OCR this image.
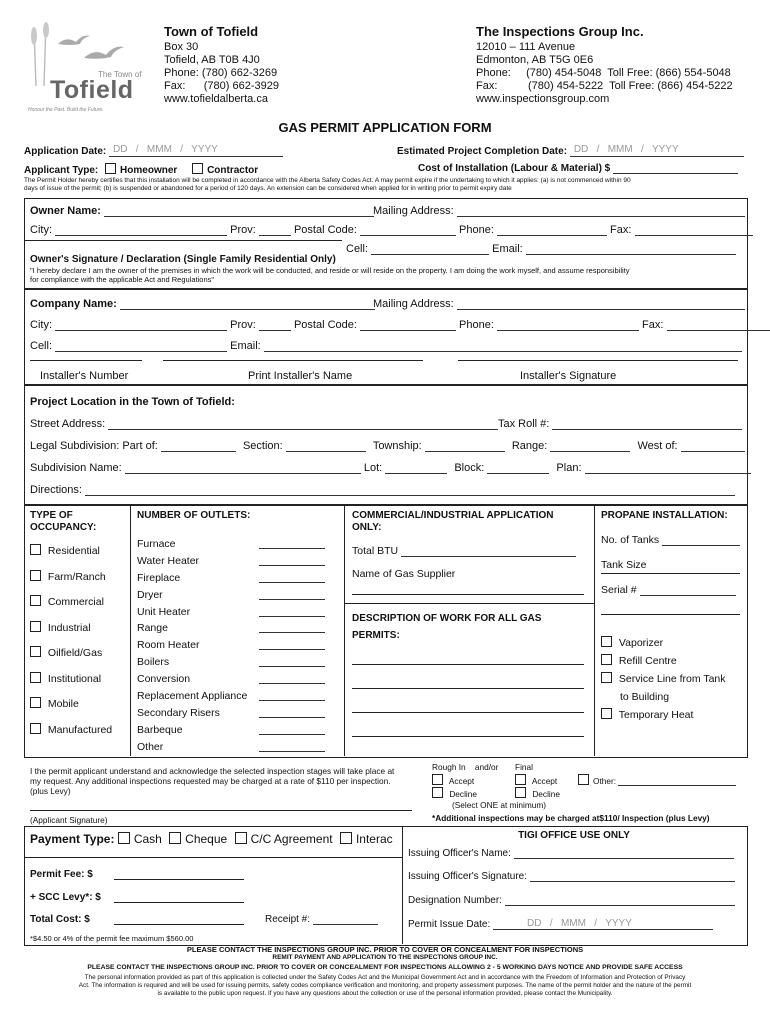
The Town of
Tofield
Honour the Past. Build the Future.
Town of Tofield
Box 30
Tofield, AB T0B 4J0
Phone: (780) 662-3269
Fax:      (780) 662-3929
www.tofieldalberta.ca
The Inspections Group Inc.
12010 – 111 Avenue
Edmonton, AB T5G 0E6
Phone:     (780) 454-5048  Toll Free: (866) 554-5048
Fax:          (780) 454-5222  Toll Free: (866) 454-5222
www.inspectionsgroup.com
GAS PERMIT APPLICATION FORM
Application Date: DD   /   MMM   /   YYYY	Estimated Project Completion Date: DD   /   MMM   /   YYYY
Applicant Type: Homeowner	Contractor	Cost of Installation (Labour & Material) $
The Permit Holder hereby certifies that this installation will be completed in accordance with the Alberta Safety Codes Act. A may permit expire if the undertaking to which it applies: (a) is not commenced within 90
days of issue of the permit; (b) is suspended or abandoned for a period of 120 days. An extension can be considered when applied for in writing prior to permit expiry date
Owner Name:	Mailing Address:
City:	Prov:	Postal Code:	Phone:	Fax:
Cell:	Email:
Owner's Signature / Declaration (Single Family Residential Only)
"I hereby declare I am the owner of the premises in which the work will be conducted, and reside or will reside on the property. I am doing the work myself, and assume responsibility
for compliance with the applicable Act and Regulations"
Company Name:	Mailing Address:
City:	Prov:	Postal Code:	Phone:	Fax:
Cell:	Email:
Installer's Number	Print Installer's Name	Installer's Signature
Project Location in the Town of Tofield:
Street Address:	Tax Roll #:
Legal Subdivision: Part of:	Section:	Township:	Range:	West of:
Subdivision Name:	Lot:	Block:	Plan:
Directions:
TYPE OF
OCCUPANCY:
Residential
Farm/Ranch
Commercial
Industrial
Oilfield/Gas
Institutional
Mobile
Manufactured
NUMBER OF OUTLETS:
Furnace
Water Heater
Fireplace
Dryer
Unit Heater
Range
Room Heater
Boilers
Conversion
Replacement Appliance
Secondary Risers
Barbeque
Other
COMMERCIAL/INDUSTRIAL APPLICATION
ONLY:
Total BTU
Name of Gas Supplier
DESCRIPTION OF WORK FOR ALL GAS
PERMITS:
PROPANE INSTALLATION:
No. of Tanks
Tank Size
Serial #
Vaporizer
Refill Centre
Service Line from Tank
to Building
Temporary Heat
I the permit applicant understand and acknowledge the selected inspection stages will take place at
my request. Any additional inspections requested may be charged at a rate of $110 per inspection.
(plus Levy)
(Applicant Signature)
Rough In    and/or Final
Accept
Decline
Accept
Decline
Other:
(Select ONE at minimum)
*Additional inspections may be charged at$110/ Inspection (plus Levy)
Payment Type: Cash Cheque C/C Agreement Interac
Permit Fee: $
+ SCC Levy*: $
Total Cost: $	Receipt #:
*$4.50 or 4% of the permit fee maximum $560.00
TIGI OFFICE USE ONLY
Issuing Officer's Name:
Issuing Officer's Signature:
Designation Number:
Permit Issue Date:	DD   /   MMM   /   YYYY
PLEASE CONTACT THE INSPECTIONS GROUP INC. PRIOR TO COVER OR CONCEALMENT FOR INSPECTIONS
REMIT PAYMENT AND APPLICATION TO THE INSPECTIONS GROUP INC.
PLEASE CONTACT THE INSPECTIONS GROUP INC. PRIOR TO COVER OR CONCEALMENT FOR INSPECTIONS ALLOWING 2 - 5 WORKING DAYS NOTICE AND PROVIDE SAFE ACCESS
The personal information provided as part of this application is collected under the Safety Codes Act and the Municipal Government Act and in accordance with the Freedom of Information and Protection of Privacy
Act. The information is required and will be used for issuing permits, safety codes compliance verification and monitoring, and property assessment purposes. The name of the permit holder and the nature of the permit
is available to the public upon request. If you have any questions about the collection or use of the personal information provided, please contact the Municipality.
